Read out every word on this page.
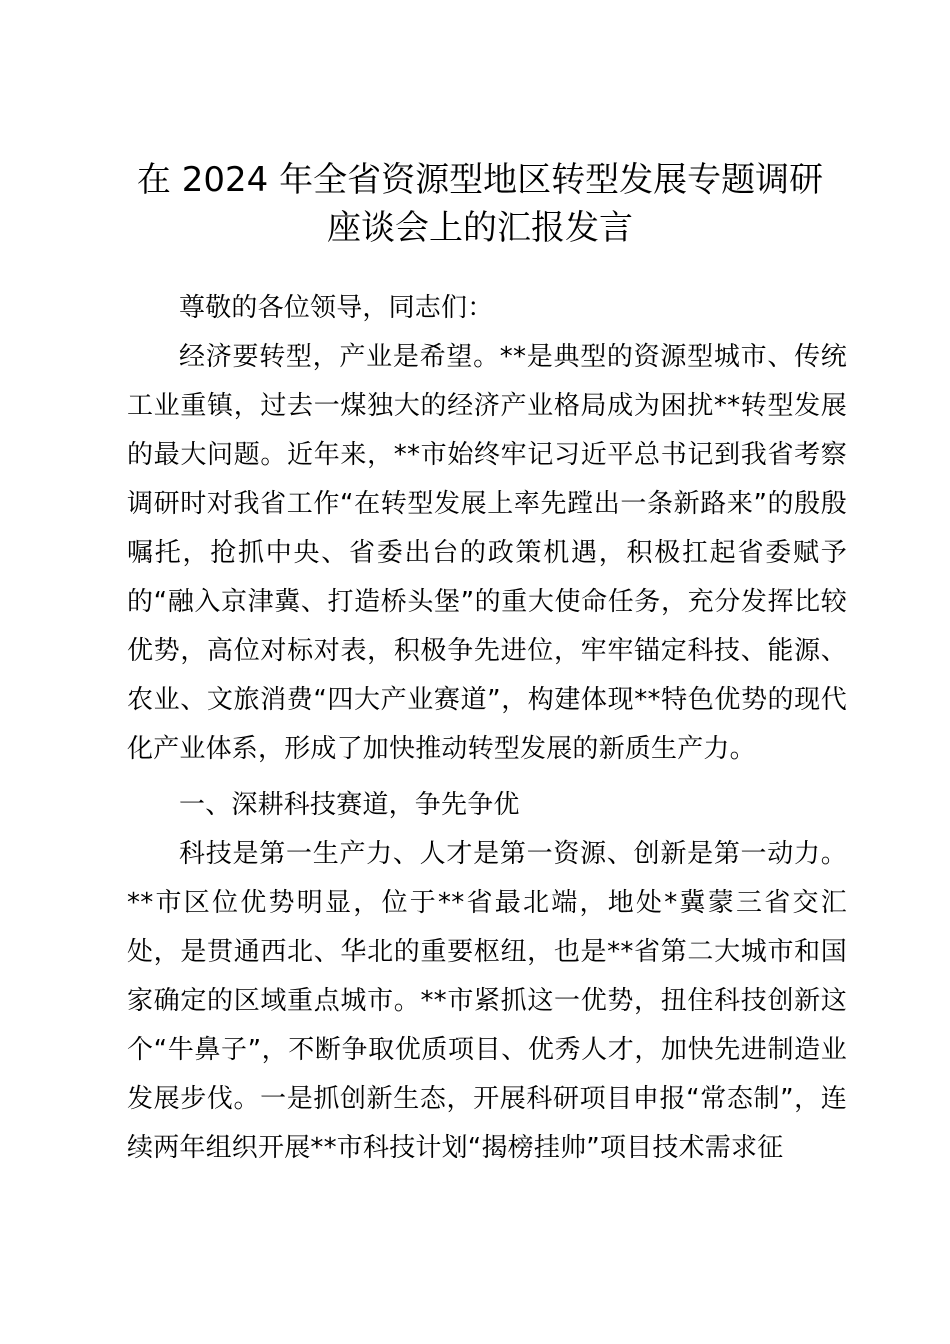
在 2024 年全省资源型地区转型发展专题调研
座谈会上的汇报发言

尊敬的各位领导，同志们：

经济要转型，产业是希望。**是典型的资源型城市、传统工业重镇，过去一煤独大的经济产业格局成为困扰**转型发展的最大问题。近年来，**市始终牢记习近平总书记到我省考察调研时对我省工作“在转型发展上率先蹚出一条新路来”的殷殷嘱托，抢抓中央、省委出台的政策机遇，积极扛起省委赋予的“融入京津冀、打造桥头堡”的重大使命任务，充分发挥比较优势，高位对标对表，积极争先进位，牢牢锚定科技、能源、农业、文旅消费“四大产业赛道”，构建体现**特色优势的现代化产业体系，形成了加快推动转型发展的新质生产力。

一、深耕科技赛道，争先争优

科技是第一生产力、人才是第一资源、创新是第一动力。**市区位优势明显，位于**省最北端，地处*冀蒙三省交汇处，是贯通西北、华北的重要枢纽，也是**省第二大城市和国家确定的区域重点城市。**市紧抓这一优势，扭住科技创新这个“牛鼻子”，不断争取优质项目、优秀人才，加快先进制造业发展步伐。一是抓创新生态，开展科研项目申报“常态制”，连续两年组织开展**市科技计划“揭榜挂帅”项目技术需求征
